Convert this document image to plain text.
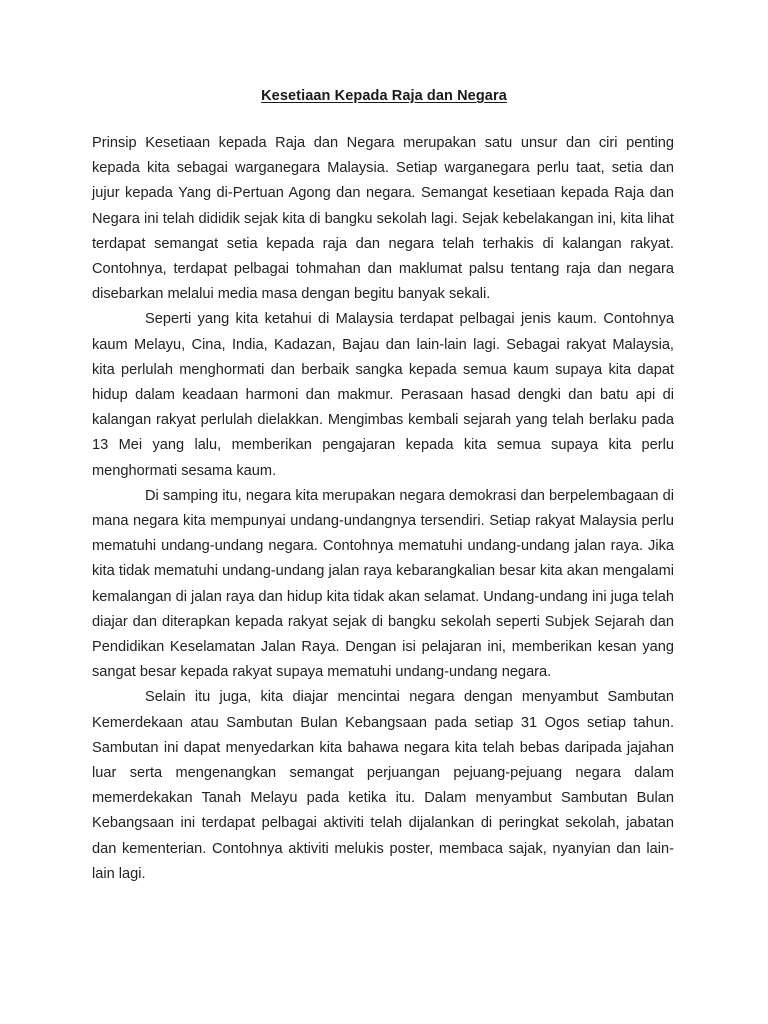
Kesetiaan Kepada Raja dan Negara

Prinsip Kesetiaan kepada Raja dan Negara merupakan satu unsur dan ciri penting kepada kita sebagai warganegara Malaysia. Setiap warganegara perlu taat, setia dan jujur kepada Yang di-Pertuan Agong dan negara. Semangat kesetiaan kepada Raja dan Negara ini telah dididik sejak kita di bangku sekolah lagi. Sejak kebelakangan ini, kita lihat terdapat semangat setia kepada raja dan negara telah terhakis di kalangan rakyat. Contohnya, terdapat pelbagai tohmahan dan maklumat palsu tentang raja dan negara disebarkan melalui media masa dengan begitu banyak sekali.

Seperti yang kita ketahui di Malaysia terdapat pelbagai jenis kaum. Contohnya kaum Melayu, Cina, India, Kadazan, Bajau dan lain-lain lagi. Sebagai rakyat Malaysia, kita perlulah menghormati dan berbaik sangka kepada semua kaum supaya kita dapat hidup dalam keadaan harmoni dan makmur. Perasaan hasad dengki dan batu api di kalangan rakyat perlulah dielakkan. Mengimbas kembali sejarah yang telah berlaku pada 13 Mei yang lalu, memberikan pengajaran kepada kita semua supaya kita perlu menghormati sesama kaum.

Di samping itu, negara kita merupakan negara demokrasi dan berpelembagaan di mana negara kita mempunyai undang-undangnya tersendiri. Setiap rakyat Malaysia perlu mematuhi undang-undang negara. Contohnya mematuhi undang-undang jalan raya. Jika kita tidak mematuhi undang-undang jalan raya kebarangkalian besar kita akan mengalami kemalangan di jalan raya dan hidup kita tidak akan selamat. Undang-undang ini juga telah diajar dan diterapkan kepada rakyat sejak di bangku sekolah seperti Subjek Sejarah dan Pendidikan Keselamatan Jalan Raya. Dengan isi pelajaran ini, memberikan kesan yang sangat besar kepada rakyat supaya mematuhi undang-undang negara.

Selain itu juga, kita diajar mencintai negara dengan menyambut Sambutan Kemerdekaan atau Sambutan Bulan Kebangsaan pada setiap 31 Ogos setiap tahun. Sambutan ini dapat menyedarkan kita bahawa negara kita telah bebas daripada jajahan luar serta mengenangkan semangat perjuangan pejuang-pejuang negara dalam memerdekakan Tanah Melayu pada ketika itu. Dalam menyambut Sambutan Bulan Kebangsaan ini terdapat pelbagai aktiviti telah dijalankan di peringkat sekolah, jabatan dan kementerian. Contohnya aktiviti melukis poster, membaca sajak, nyanyian dan lain-lain lagi.
